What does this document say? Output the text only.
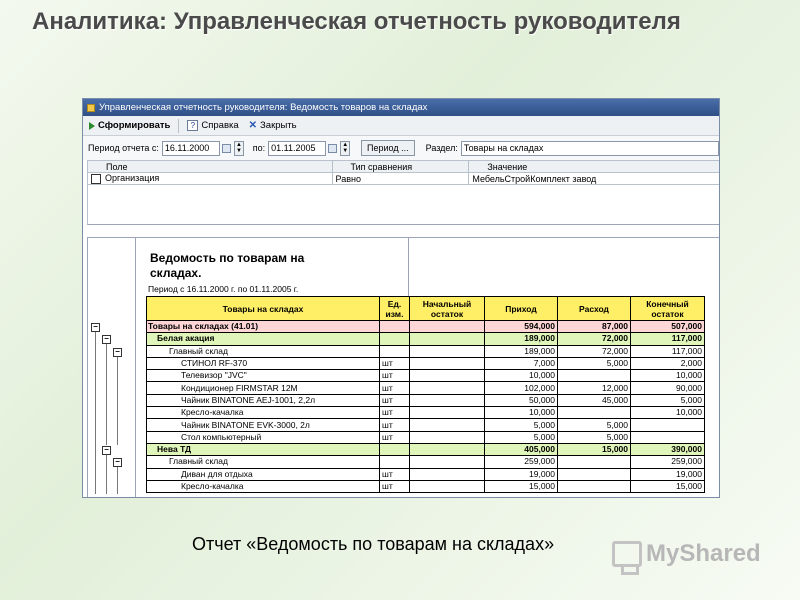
Аналитика: Управленческая отчетность руководителя
Управленческая отчетность руководителя: Ведомость товаров на складах
Сформировать	? Справка ✕ Закрыть
Период отчета с: 16.11.2000	▲
▼ по: 01.11.2005	▲
▼	Период ...	Раздел: Товары на складах
Поле	Тип сравнения	Значение
Организация	Равно	МебельСтройКомплект завод
Ведомость по товарам на складах.
Период с 16.11.2000 г. по 01.11.2005 г.
−
−
−
−
−
Товары на складах	Ед. изм.	Начальный остаток	Приход	Расход	Конечный остаток
Товары на складах (41.01)			594,000	87,000	507,000
Белая акация			189,000	72,000	117,000
Главный склад			189,000	72,000	117,000
СТИНОЛ RF-370	шт		7,000	5,000	2,000
Телевизор "JVC"	шт		10,000		10,000
Кондиционер FIRMSTAR 12M	шт		102,000	12,000	90,000
Чайник BINATONE AEJ-1001, 2,2л	шт		50,000	45,000	5,000
Кресло-качалка	шт		10,000		10,000
Чайник BINATONE EVK-3000, 2л	шт		5,000	5,000	
Стол компьютерный	шт		5,000	5,000	
Нева ТД			405,000	15,000	390,000
Главный склад			259,000		259,000
Диван для отдыха	шт		19,000		19,000
Кресло-качалка	шт		15,000		15,000
Отчет «Ведомость по товарам на складах»	MyShared
